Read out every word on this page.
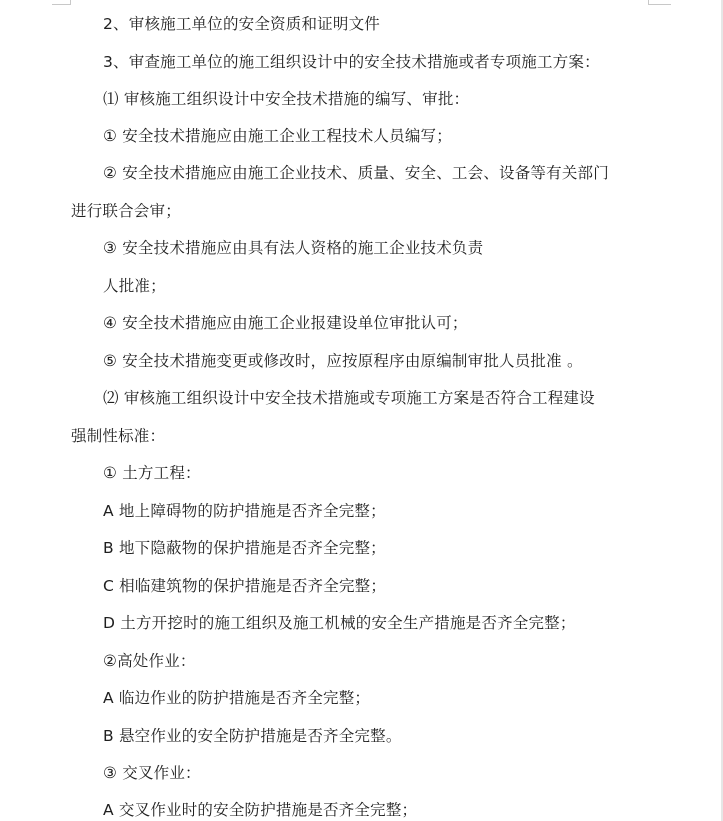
2、审核施工单位的安全资质和证明文件
3、审查施工单位的施工组织设计中的安全技术措施或者专项施工方案：
⑴ 审核施工组织设计中安全技术措施的编写、审批：
① 安全技术措施应由施工企业工程技术人员编写；
② 安全技术措施应由施工企业技术、质量、安全、工会、设备等有关部门
进行联合会审；
③ 安全技术措施应由具有法人资格的施工企业技术负责
人批准；
④ 安全技术措施应由施工企业报建设单位审批认可；
⑤ 安全技术措施变更或修改时，应按原程序由原编制审批人员批准 。
⑵ 审核施工组织设计中安全技术措施或专项施工方案是否符合工程建设
强制性标准：
① 土方工程：
A 地上障碍物的防护措施是否齐全完整；
B 地下隐蔽物的保护措施是否齐全完整；
C 相临建筑物的保护措施是否齐全完整；
D 土方开挖时的施工组织及施工机械的安全生产措施是否齐全完整；
②高处作业：
A 临边作业的防护措施是否齐全完整；
B 悬空作业的安全防护措施是否齐全完整。
③ 交叉作业：
A 交叉作业时的安全防护措施是否齐全完整；
